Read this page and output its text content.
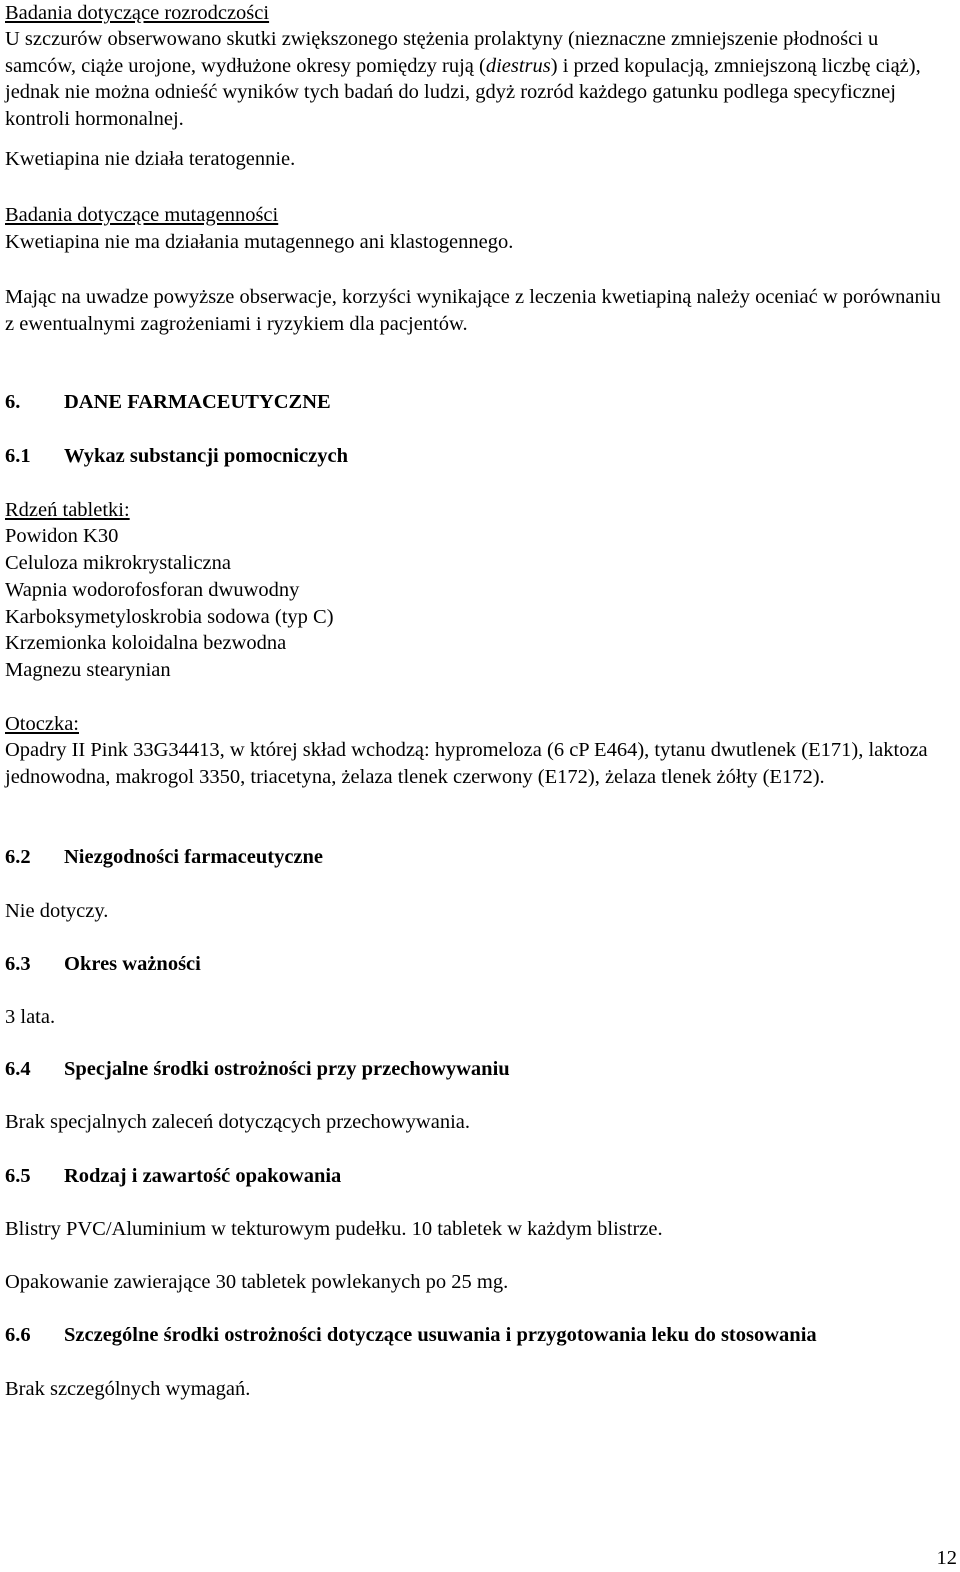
Badania dotyczące rozrodczości

U szczurów obserwowano skutki zwiększonego stężenia prolaktyny (nieznaczne zmniejszenie płodności u samców, ciąże urojone, wydłużone okresy pomiędzy rują (diestrus) i przed kopulacją, zmniejszoną liczbę ciąż), jednak nie można odnieść wyników tych badań do ludzi, gdyż rozród każdego gatunku podlega specyficznej kontroli hormonalnej.

Kwetiapina nie działa teratogennie.

Badania dotyczące mutagenności

Kwetiapina nie ma działania mutagennego ani klastogennego.

Mając na uwadze powyższe obserwacje, korzyści wynikające z leczenia kwetiapiną należy oceniać w porównaniu z ewentualnymi zagrożeniami i ryzykiem dla pacjentów.

6. DANE FARMACEUTYCZNE

6.1 Wykaz substancji pomocniczych

Rdzeń tabletki:

Powidon K30

Celuloza mikrokrystaliczna

Wapnia wodorofosforan dwuwodny

Karboksymetyloskrobia sodowa (typ C)

Krzemionka koloidalna bezwodna

Magnezu stearynian

Otoczka:

Opadry II Pink 33G34413, w której skład wchodzą: hypromeloza (6 cP E464), tytanu dwutlenek (E171), laktoza jednowodna, makrogol 3350, triacetyna, żelaza tlenek czerwony (E172), żelaza tlenek żółty (E172).

6.2 Niezgodności farmaceutyczne

Nie dotyczy.

6.3 Okres ważności

3 lata.

6.4 Specjalne środki ostrożności przy przechowywaniu

Brak specjalnych zaleceń dotyczących przechowywania.

6.5 Rodzaj i zawartość opakowania

Blistry PVC/Aluminium w tekturowym pudełku. 10 tabletek w każdym blistrze.

Opakowanie zawierające 30 tabletek powlekanych po 25 mg.

6.6 Szczególne środki ostrożności dotyczące usuwania i przygotowania leku do stosowania

Brak szczególnych wymagań.

12
